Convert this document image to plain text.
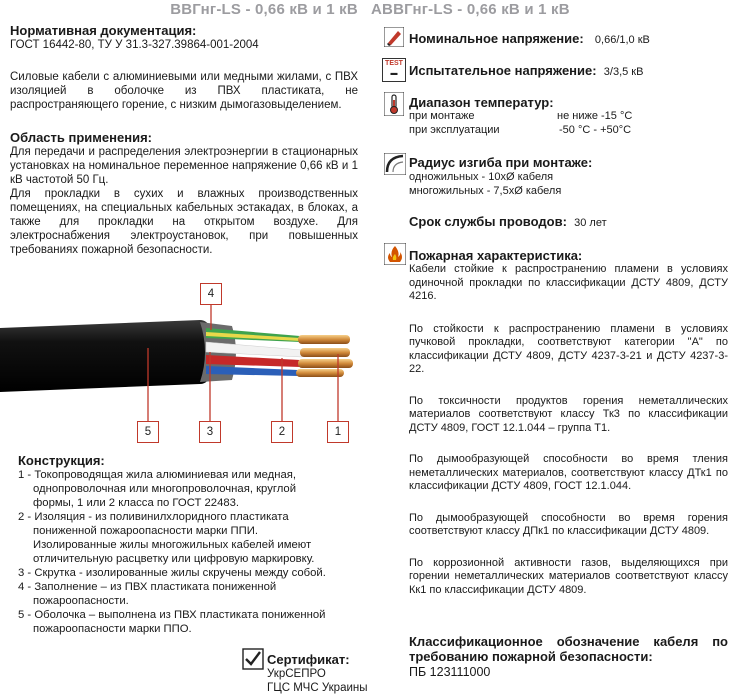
ВВГнг-LS - 0,66 кВ и 1 кВ   АВВГнг-LS - 0,66 кВ и 1 кВ
Нормативная документация:
ГОСТ 16442-80, ТУ У 31.3-327.39864-001-2004
Силовые кабели с алюминиевыми или медными жилами, с ПВХ изоляцией в оболочке из ПВХ пластиката, не распространяющего горение, с низким дымогазовыделением.
Область применения:
Для передачи и распределения электроэнергии в стационарных установках на номинальное переменное напряжение 0,66 кВ и 1 кВ частотой 50 Гц.
Для прокладки в сухих и влажных производственных помещениях, на специальных кабельных эстакадах, в блоках, а также для прокладки на открытом воздухе. Для электроснабжения электроустановок, при повышенных требованиях пожарной безопасности.
4
5	3	2	1
Конструкция:
1 - Токопроводящая жила алюминиевая или медная,
однопроволочная или многопроволочная, круглой
формы, 1 или 2 класса по ГОСТ 22483.
2 - Изоляция - из поливинилхлоридного пластиката
пониженной пожароопасности марки ППИ.
Изолированные жилы многожильных кабелей имеют
отличительную расцветку или цифровую маркировку.
3 - Скрутка - изолированные жилы скручены между собой.
4 - Заполнение – из ПВХ пластиката пониженной
пожароопасности.
5 - Оболочка – выполнена из ПВХ пластиката пониженной
пожароопасности марки ППО.
Сертификат:
УкрСЕПРО
ГЦС МЧС Украины
Номинальное напряжение: 0,66/1,0 кВ
TEST
▬ Испытательное напряжение: 3/3,5 кВ
Диапазон температур:
при монтаже	не ниже -15 °С
при эксплуатации	-50 °С - +50°С
Радиус изгиба при монтаже:
одножильных - 10xØ кабеля
многожильных - 7,5xØ кабеля
Срок службы проводов: 30 лет
Пожарная характеристика:

Кабели стойкие к распространению пламени в условиях одиночной прокладки по классификации ДСТУ 4809, ДСТУ 4216.

По стойкости к распространению пламени в условиях пучковой прокладки, соответствуют категории "А" по классификации ДСТУ 4809, ДСТУ 4237-3-21 и ДСТУ 4237-3-22.

По токсичности продуктов горения неметаллических материалов соответствуют классу Тк3 по классификации ДСТУ 4809, ГОСТ 12.1.044 – группа Т1.

По дымообразующей способности во время тления неметаллических материалов, соответствуют классу ДТк1 по классификации ДСТУ 4809, ГОСТ 12.1.044.

По дымообразующей способности во время горения соответствуют классу ДПк1 по классификации ДСТУ 4809.

По коррозионной активности газов, выделяющихся при горении неметаллических материалов соответствуют классу Кк1 по классификации ДСТУ 4809.

Классификационное обозначение кабеля по требованию пожарной безопасности:
ПБ 123111000
